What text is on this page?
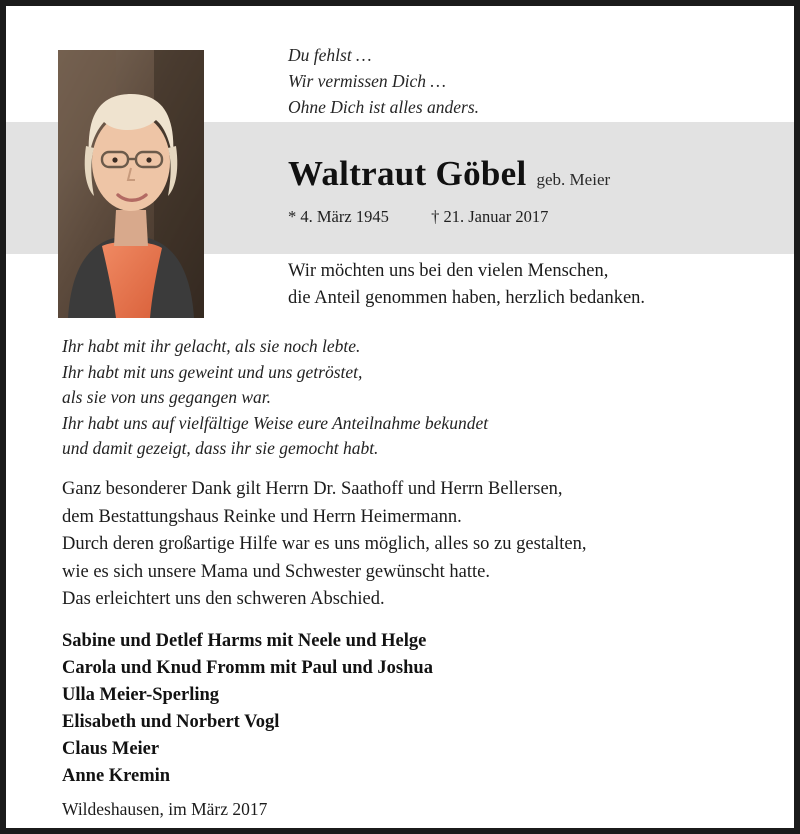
Du fehlst …
Wir vermissen Dich …
Ohne Dich ist alles anders.
Waltraut Göbel geb. Meier
* 4. März 1945	† 21. Januar 2017
Wir möchten uns bei den vielen Menschen,
die Anteil genommen haben, herzlich bedanken.
Ihr habt mit ihr gelacht, als sie noch lebte.
Ihr habt mit uns geweint und uns getröstet,
als sie von uns gegangen war.
Ihr habt uns auf vielfältige Weise eure Anteilnahme bekundet
und damit gezeigt, dass ihr sie gemocht habt.
Ganz besonderer Dank gilt Herrn Dr. Saathoff und Herrn Bellersen,
dem Bestattungshaus Reinke und Herrn Heimermann.
Durch deren großartige Hilfe war es uns möglich, alles so zu gestalten,
wie es sich unsere Mama und Schwester gewünscht hatte.
Das erleichtert uns den schweren Abschied.
Sabine und Detlef Harms mit Neele und Helge
Carola und Knud Fromm mit Paul und Joshua
Ulla Meier-Sperling
Elisabeth und Norbert Vogl
Claus Meier
Anne Kremin
Wildeshausen, im März 2017
